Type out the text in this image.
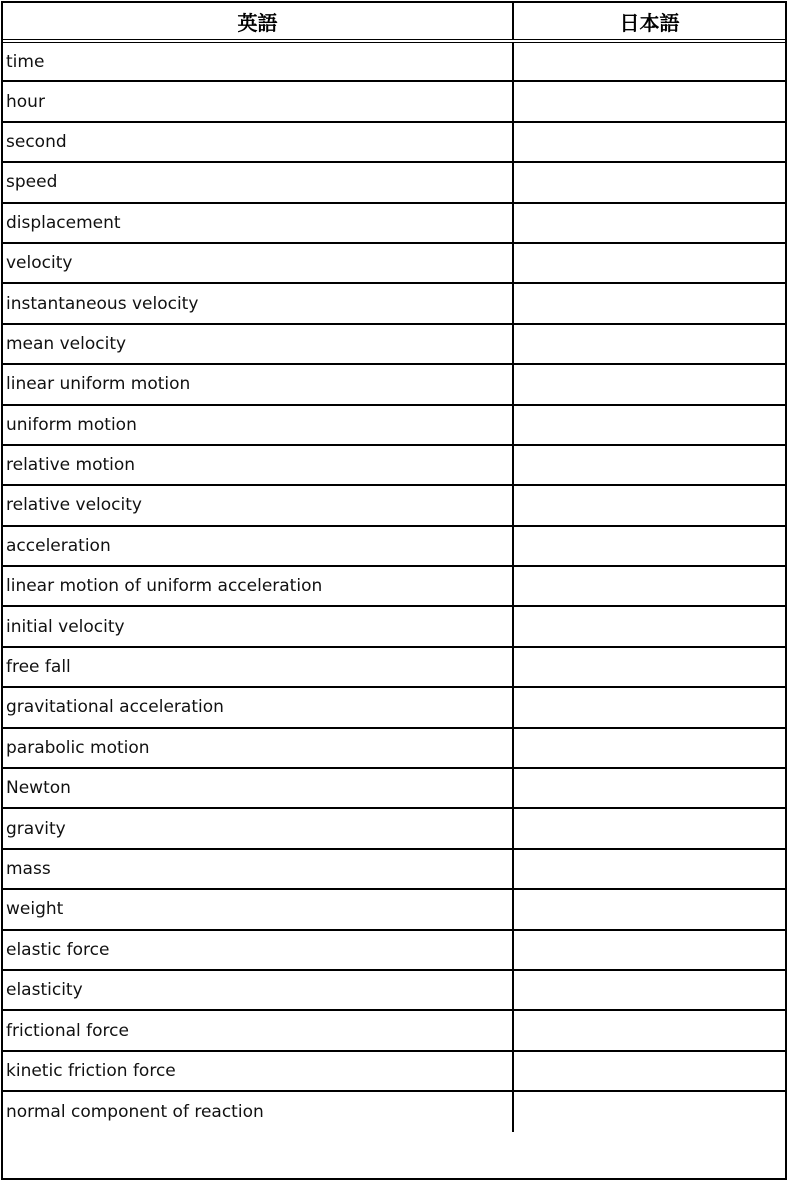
英語	日本語
time	
hour	
second	
speed	
displacement	
velocity	
instantaneous velocity	
mean velocity	
linear uniform motion	
uniform motion	
relative motion	
relative velocity	
acceleration	
linear motion of uniform acceleration	
initial velocity	
free fall	
gravitational acceleration	
parabolic motion	
Newton	
gravity	
mass	
weight	
elastic force	
elasticity	
frictional force	
kinetic friction force	
normal component of reaction	
